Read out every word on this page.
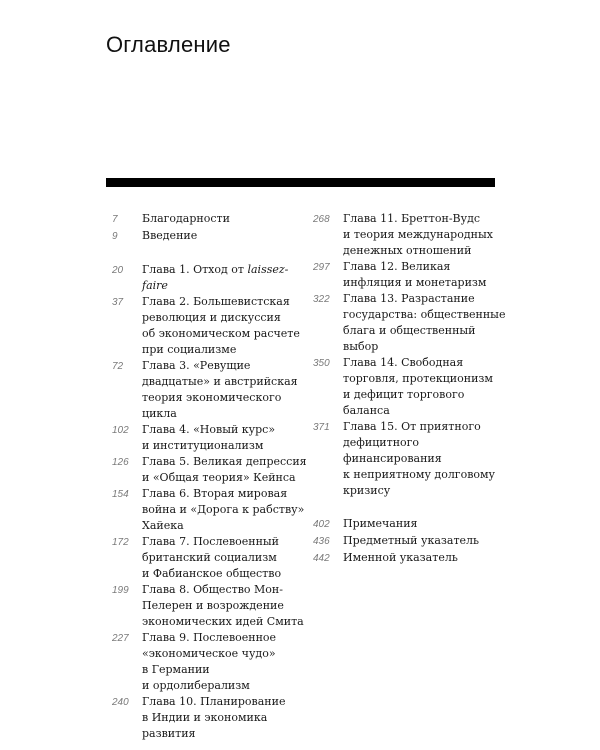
Оглавление
7	Благодарности
9	Введение
20	Глава 1. Отход от laissez-
faire
37	Глава 2. Большевистская
революция и дискуссия
об экономическом расчете
при социализме
72	Глава 3. «Ревущие
двадцатые» и австрийская
теория экономического
цикла
102	Глава 4. «Новый курс»
и институционализм
126	Глава 5. Великая депрессия
и «Общая теория» Кейнса
154	Глава 6. Вторая мировая
война и «Дорога к рабству»
Хайека
172	Глава 7. Послевоенный
британский социализм
и Фабианское общество
199	Глава 8. Общество Мон-
Пелерен и возрождение
экономических идей Смита
227	Глава 9. Послевоенное
«экономическое чудо»
в Германии
и ордолиберализм
240	Глава 10. Планирование
в Индии и экономика
развития
268	Глава 11. Бреттон-Вудс
и теория международных
денежных отношений
297	Глава 12. Великая
инфляция и монетаризм
322	Глава 13. Разрастание
государства: общественные
блага и общественный
выбор
350	Глава 14. Свободная
торговля, протекционизм
и дефицит торгового
баланса
371	Глава 15. От приятного
дефицитного
финансирования
к неприятному долговому
кризису
402	Примечания
436	Предметный указатель
442	Именной указатель
